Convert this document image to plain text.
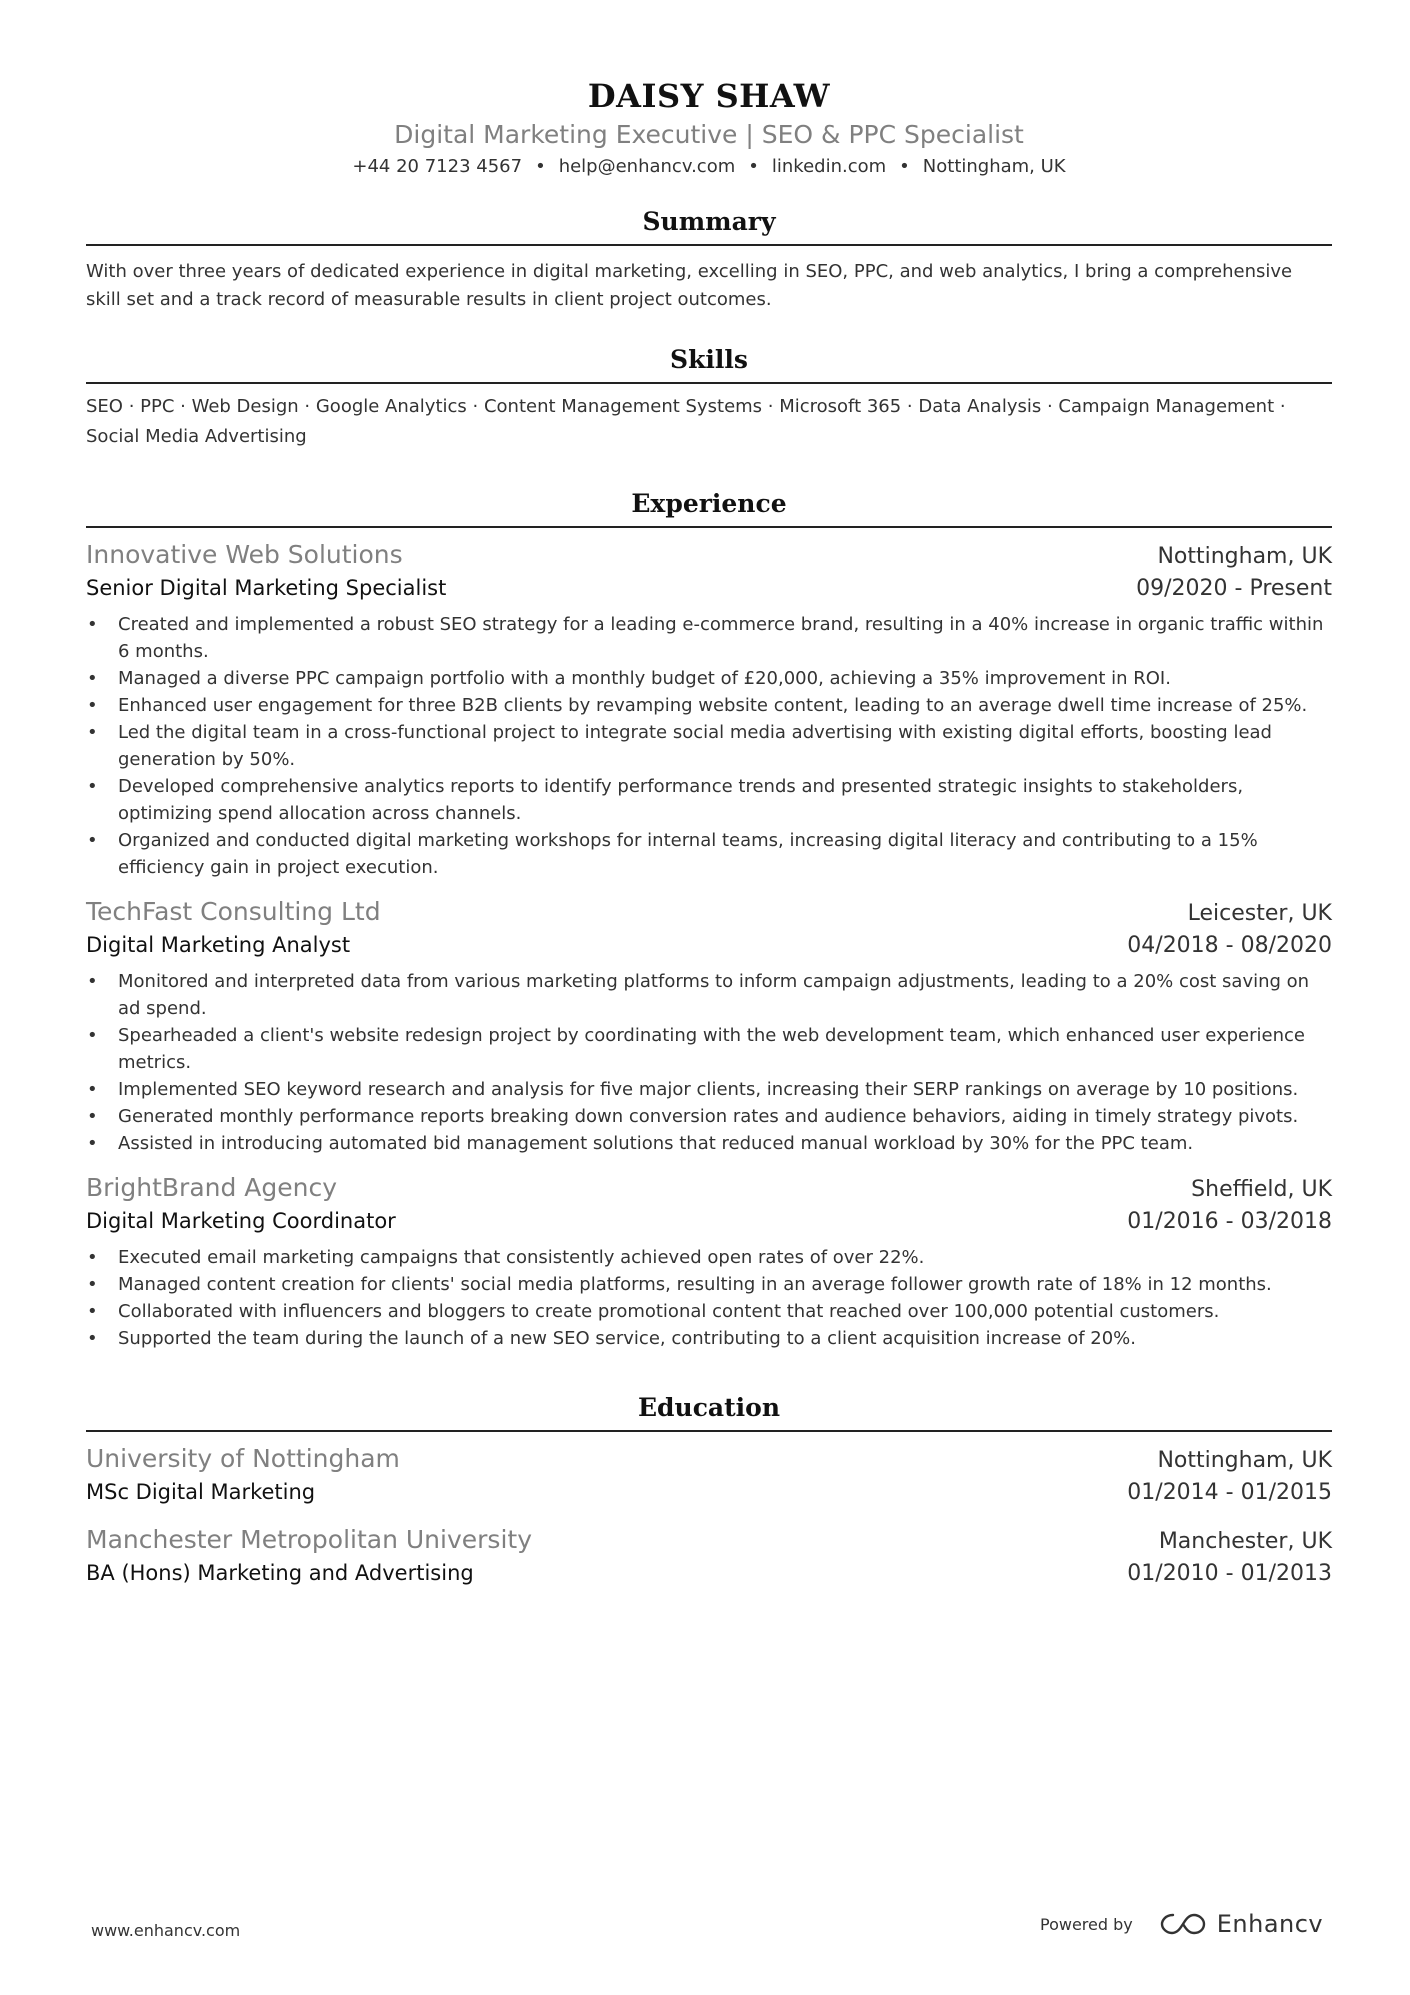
DAISY SHAW
Digital Marketing Executive | SEO & PPC Specialist
+44 20 7123 4567 • help@enhancv.com • linkedin.com • Nottingham, UK
Summary
With over three years of dedicated experience in digital marketing, excelling in SEO, PPC, and web analytics, I bring a comprehensive skill set and a track record of measurable results in client project outcomes.
Skills
SEO · PPC · Web Design · Google Analytics · Content Management Systems · Microsoft 365 · Data Analysis · Campaign Management · Social Media Advertising
Experience
Innovative Web Solutions	Nottingham, UK
Senior Digital Marketing Specialist	09/2020 - Present
• Created and implemented a robust SEO strategy for a leading e-commerce brand, resulting in a 40% increase in organic traffic within 6 months.
• Managed a diverse PPC campaign portfolio with a monthly budget of £20,000, achieving a 35% improvement in ROI.
• Enhanced user engagement for three B2B clients by revamping website content, leading to an average dwell time increase of 25%.
• Led the digital team in a cross-functional project to integrate social media advertising with existing digital efforts, boosting lead generation by 50%.
• Developed comprehensive analytics reports to identify performance trends and presented strategic insights to stakeholders, optimizing spend allocation across channels.
• Organized and conducted digital marketing workshops for internal teams, increasing digital literacy and contributing to a 15% efficiency gain in project execution.
TechFast Consulting Ltd	Leicester, UK
Digital Marketing Analyst	04/2018 - 08/2020
• Monitored and interpreted data from various marketing platforms to inform campaign adjustments, leading to a 20% cost saving on ad spend.
• Spearheaded a client's website redesign project by coordinating with the web development team, which enhanced user experience metrics.
• Implemented SEO keyword research and analysis for five major clients, increasing their SERP rankings on average by 10 positions.
• Generated monthly performance reports breaking down conversion rates and audience behaviors, aiding in timely strategy pivots.
• Assisted in introducing automated bid management solutions that reduced manual workload by 30% for the PPC team.
BrightBrand Agency	Sheffield, UK
Digital Marketing Coordinator	01/2016 - 03/2018
• Executed email marketing campaigns that consistently achieved open rates of over 22%.
• Managed content creation for clients' social media platforms, resulting in an average follower growth rate of 18% in 12 months.
• Collaborated with influencers and bloggers to create promotional content that reached over 100,000 potential customers.
• Supported the team during the launch of a new SEO service, contributing to a client acquisition increase of 20%.
Education
University of Nottingham	Nottingham, UK
MSc Digital Marketing	01/2014 - 01/2015
Manchester Metropolitan University	Manchester, UK
BA (Hons) Marketing and Advertising	01/2010 - 01/2013
www.enhancv.com	Powered by	Enhancv
